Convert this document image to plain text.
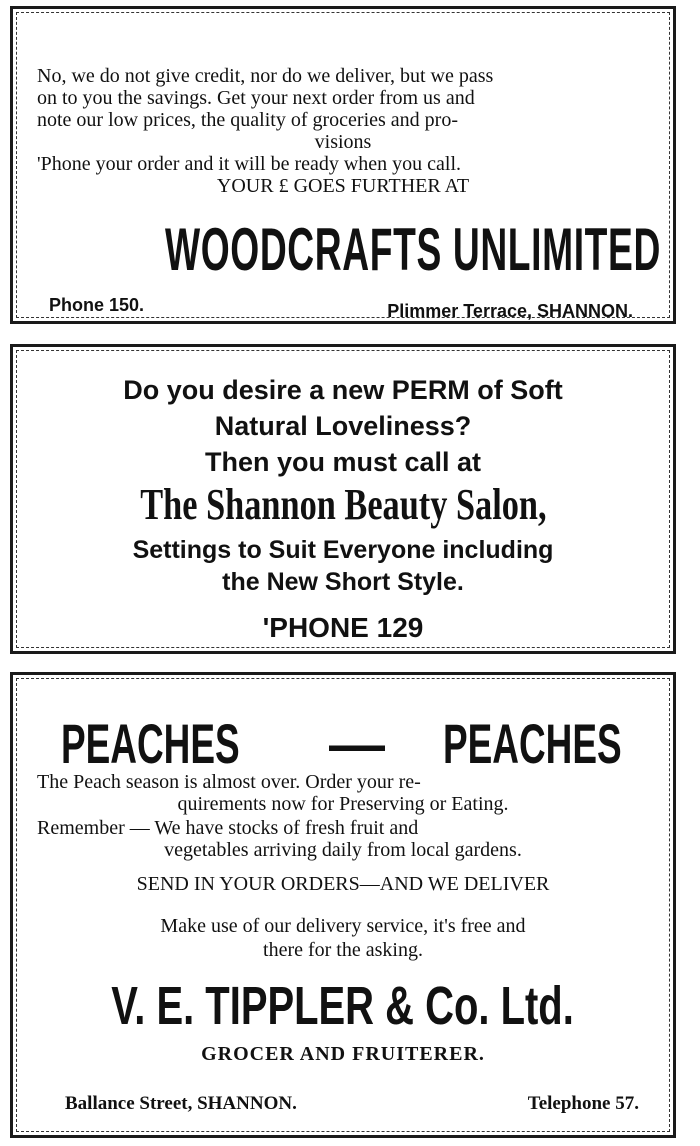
No, we do not give credit, nor do we deliver, but we pass
on to you the savings. Get your next order from us and
note our low prices, the quality of groceries and pro-
visions
'Phone your order and it will be ready when you call.
YOUR £ GOES FURTHER AT
WOODCRAFTS UNLIMITED
Phone 150.	Plimmer Terrace, SHANNON.
Do you desire a new PERM of Soft
Natural Loveliness?
Then you must call at
The Shannon Beauty Salon,
Settings to Suit Everyone including
the New Short Style.
'PHONE 129
PEACHES	— PEACHES
The Peach season is almost over. Order your re-
quirements now for Preserving or Eating.
Remember — We have stocks of fresh fruit and
vegetables arriving daily from local gardens.
SEND IN YOUR ORDERS—AND WE DELIVER
Make use of our delivery service, it's free and
there for the asking.
V. E. TIPPLER & Co. Ltd.
GROCER AND FRUITERER.
Ballance Street, SHANNON.	Telephone 57.
